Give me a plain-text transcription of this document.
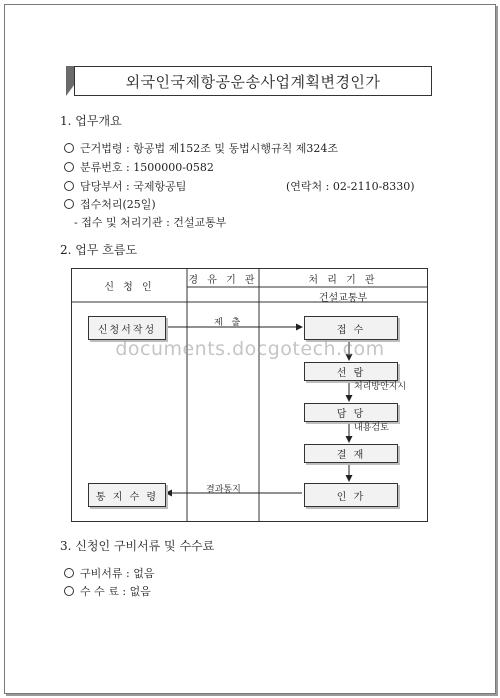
외국인국제항공운송사업계획변경인가
1. 업무개요
근거법령 : 항공법 제152조 및 동법시행규칙 제324조
분류번호 : 1500000-0582
담당부서 : 국제항공팀	(연락처 : 02-2110-8330)
접수처리(25일)
- 접수 및 처리기관 : 건설교통부
2. 업무 흐름도
신 청 인
경 유 기 관	처 리 기 관
건설교통부
신청서작성
제 출
접 수
선 람
처리방안지시
담 당
내용검토
결 재
인 가
결과통지
통 지 수 령
documents.docgotech.com
3. 신청인 구비서류 및 수수료
구비서류 : 없음
수 수 료 : 없음
